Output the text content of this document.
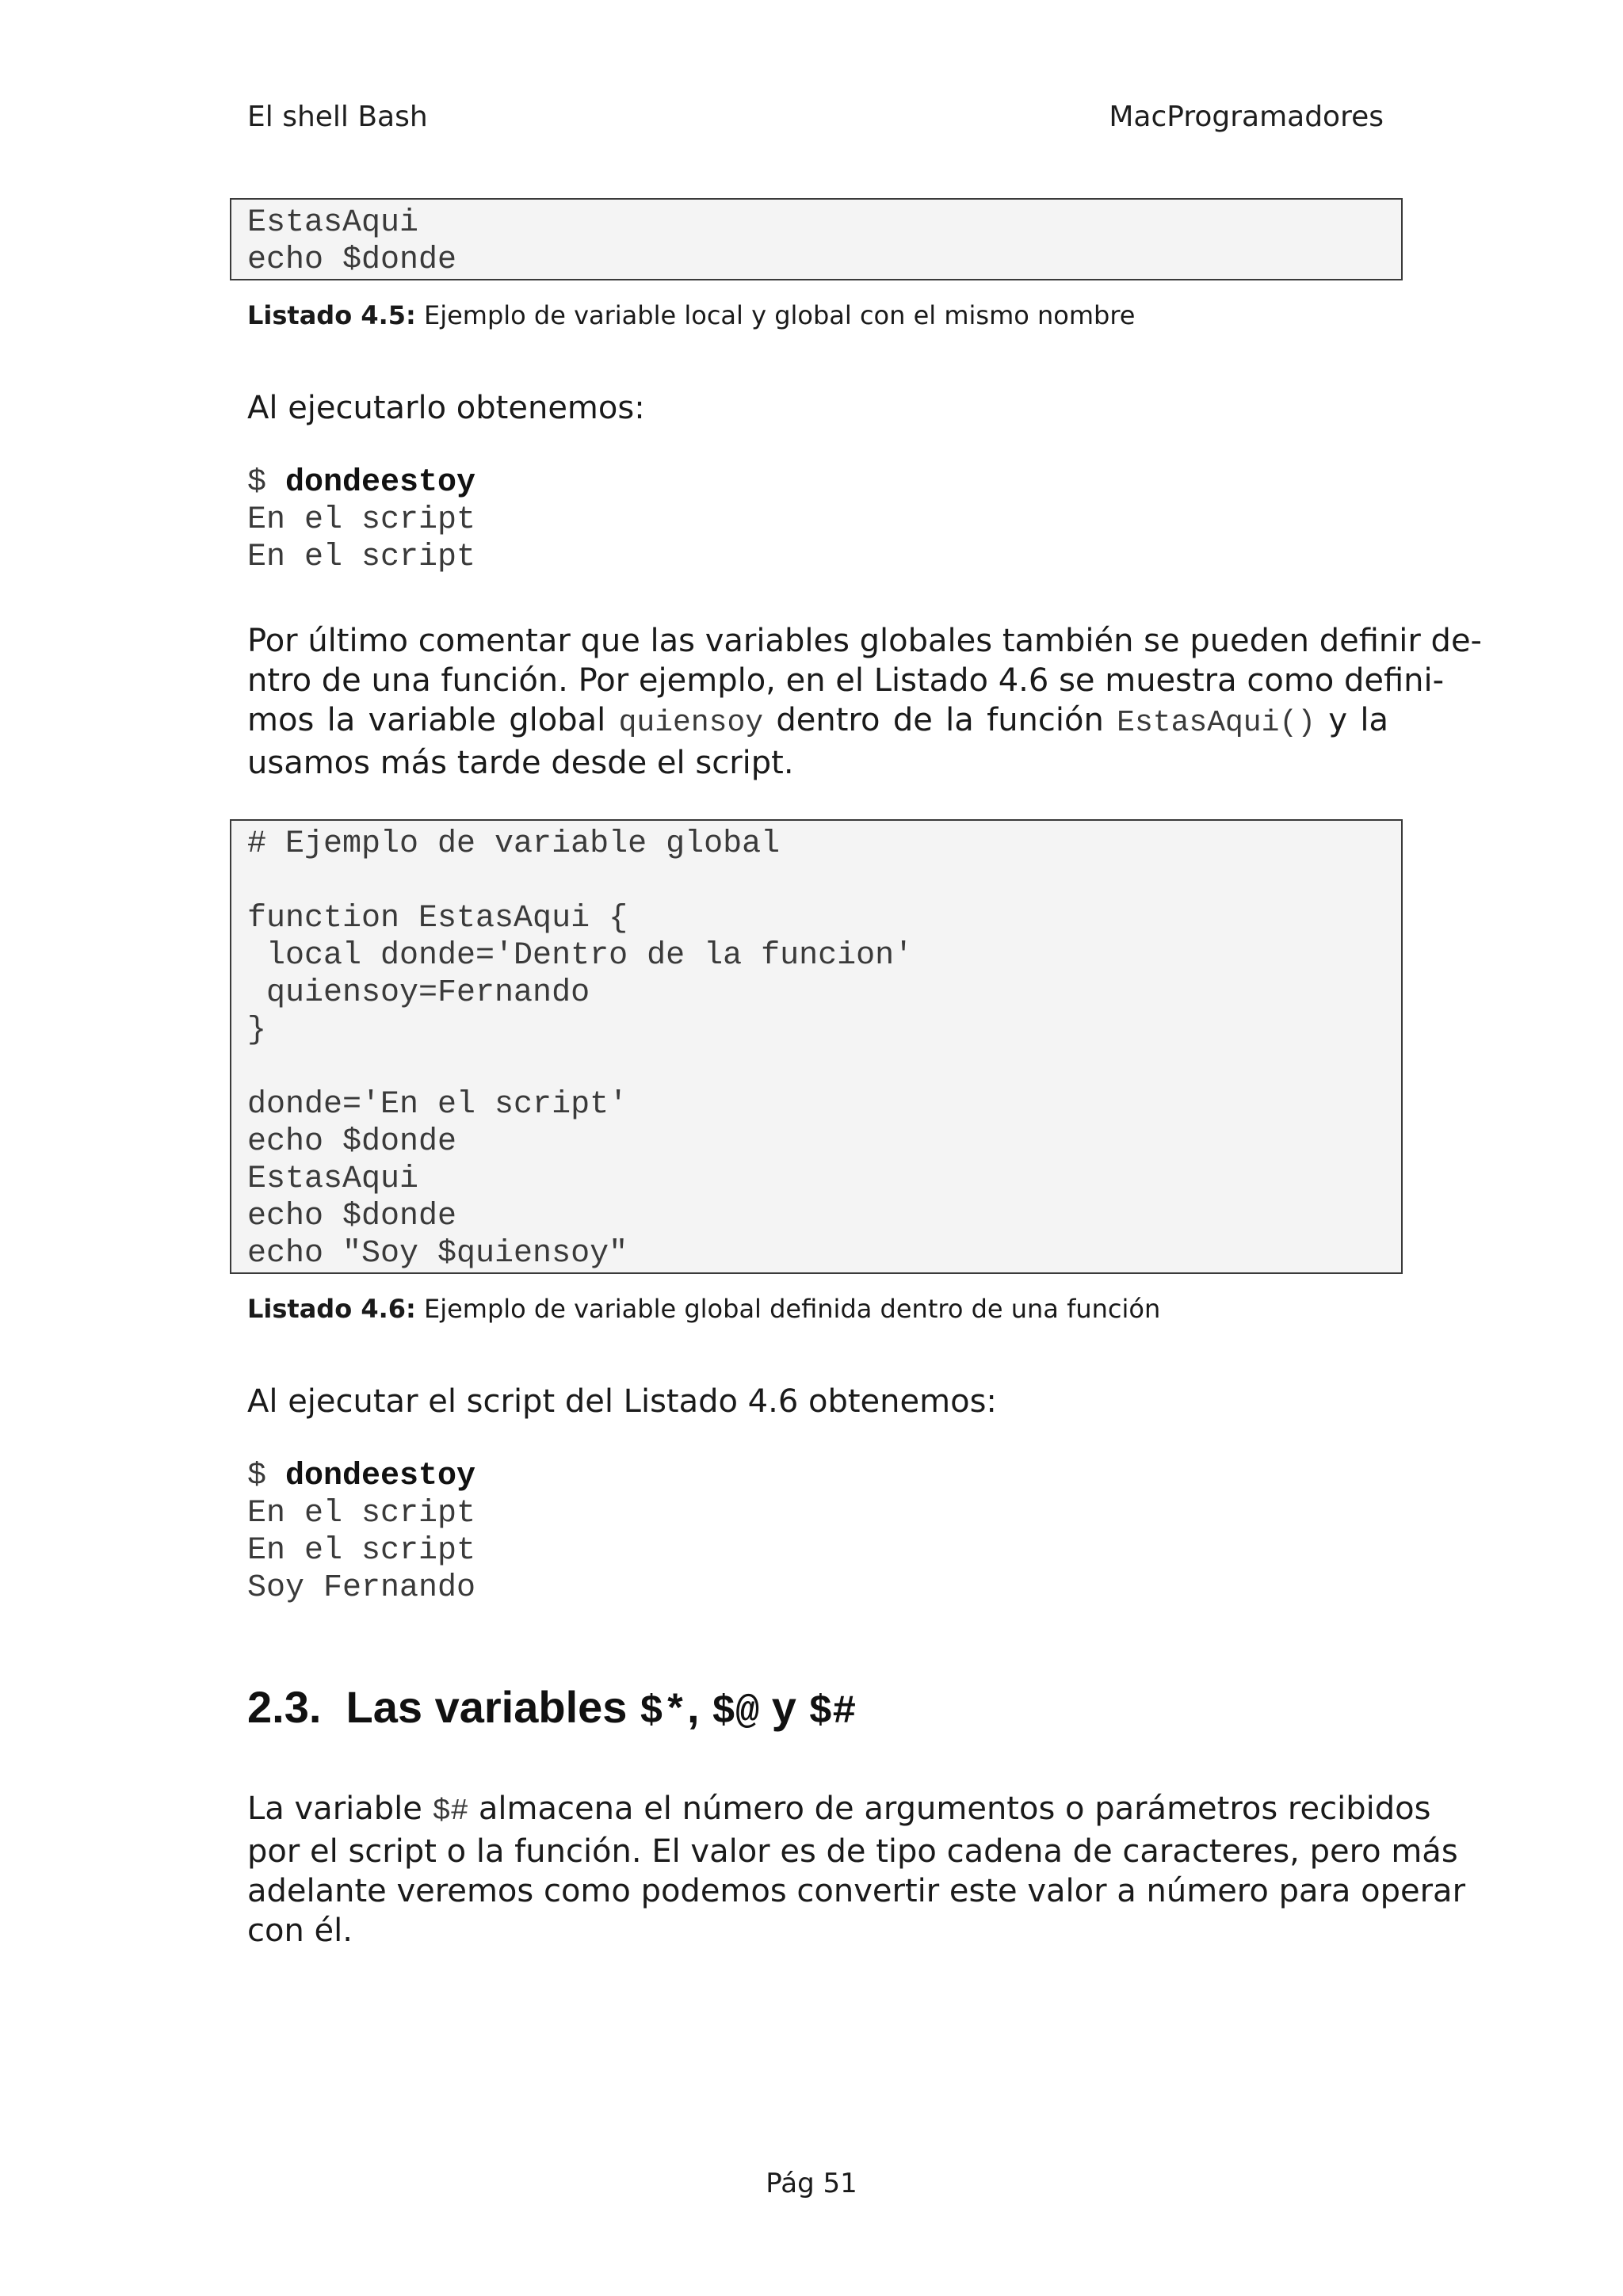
El shell Bash	MacProgramadores
EstasAqui
echo $donde
Listado 4.5: Ejemplo de variable local y global con el mismo nombre
Al ejecutarlo obtenemos:
$ dondeestoy
En el script
En el script
Por último comentar que las variables globales también se pueden definir de-
ntro de una función. Por ejemplo, en el Listado 4.6 se muestra como defini-
mos la variable global quiensoy dentro de la función EstasAqui() y la
usamos más tarde desde el script.
# Ejemplo de variable global
function EstasAqui {
local donde='Dentro de la funcion'
quiensoy=Fernando
}
donde='En el script'
echo $donde
EstasAqui
echo $donde
echo "Soy $quiensoy"
Listado 4.6: Ejemplo de variable global definida dentro de una función
Al ejecutar el script del Listado 4.6 obtenemos:
$ dondeestoy
En el script
En el script
Soy Fernando
2.3. Las variables $*, $@ y $#
La variable $# almacena el número de argumentos o parámetros recibidos
por el script o la función. El valor es de tipo cadena de caracteres, pero más
adelante veremos como podemos convertir este valor a número para operar
con él.
Pág 51
